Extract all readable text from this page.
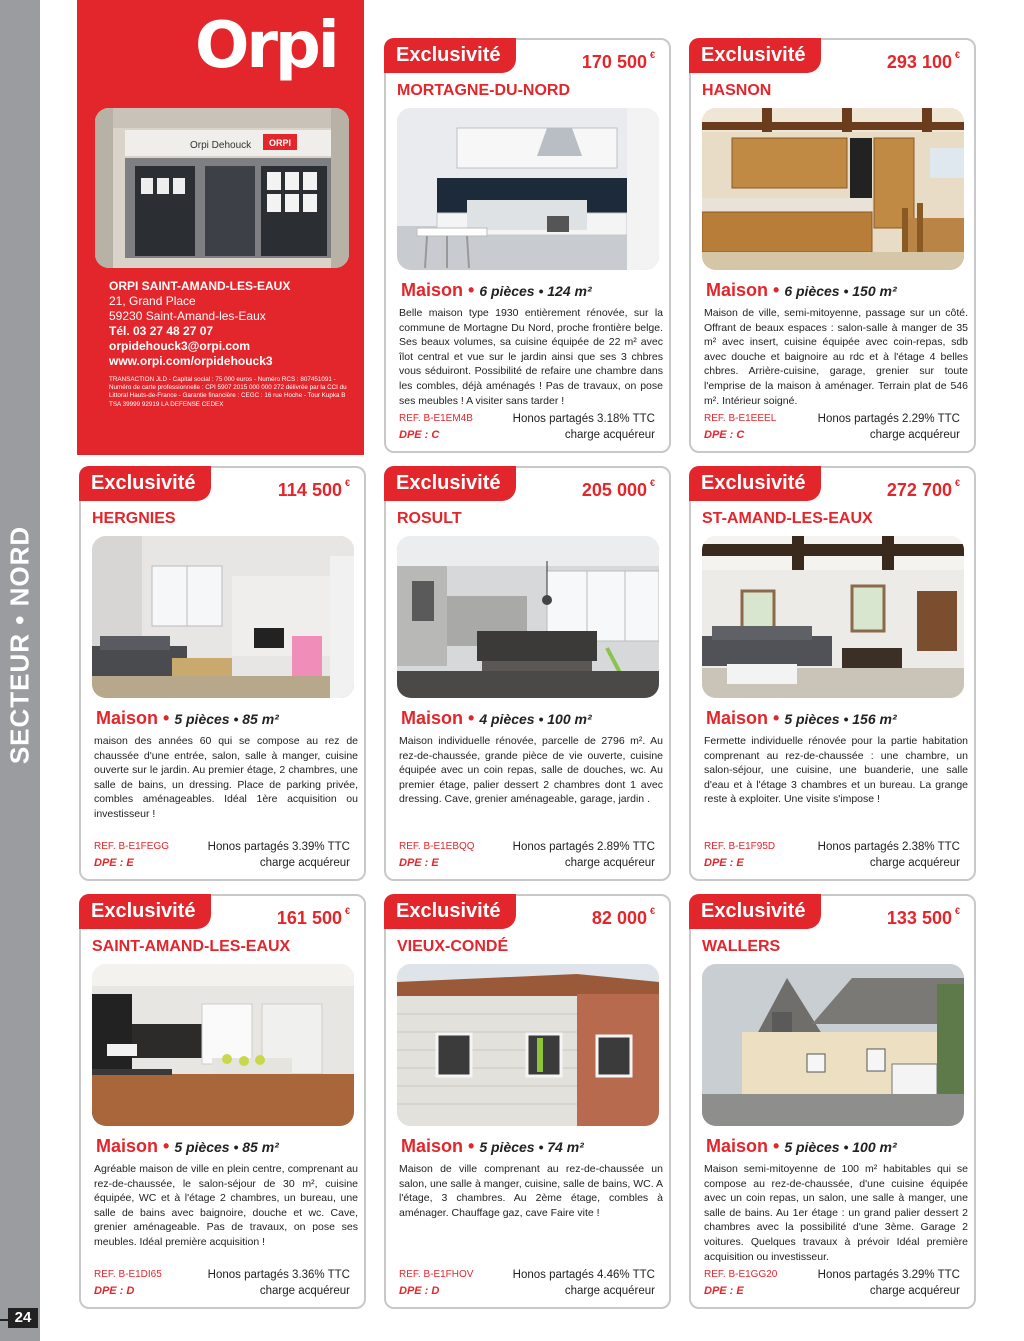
SECTEUR • NORD
24
Orpi
Orpi Dehouck ORPI
ORPI SAINT-AMAND-LES-EAUX
21, Grand Place
59230 Saint-Amand-les-Eaux
Tél. 03 27 48 27 07
orpidehouck3@orpi.com
www.orpi.com/orpidehouck3
TRANSACTION JLD - Capital social : 75 000 euros - Numéro RCS : 807451091 - Numéro de carte professionnelle : CPI 5907 2015 000 000 272 délivrée par la CCI du Littoral Hauts-de-France - Garantie financière : CEGC : 16 rue Hoche - Tour Kupka B TSA 39999 92919 LA DEFENSE CEDEX
Exclusivité	170 500 €
MORTAGNE-DU-NORD
Maison • 6 pièces • 124 m²
Belle maison type 1930 entièrement rénovée, sur la commune de Mortagne Du Nord, proche frontière belge. Ses beaux volumes, sa cuisine équipée de 22 m² avec îlot central et vue sur le jardin ainsi que ses 3 chbres vous séduiront. Possibilité de refaire une chambre dans les combles, déjà aménagés ! Pas de travaux, on pose ses meubles ! A visiter sans tarder !
REF. B-E1EM4B
DPE : C
Honos partagés 3.18% TTC
charge acquéreur
Exclusivité	293 100 €
HASNON
Maison • 6 pièces • 150 m²
Maison de ville, semi-mitoyenne, passage sur un côté. Offrant de beaux espaces : salon-salle à manger de 35 m² avec insert, cuisine équipée avec coin-repas, sdb avec douche et baignoire au rdc et à l'étage 4 belles chbres. Arrière-cuisine, garage, grenier sur toute l'emprise de la maison à aménager. Terrain plat de 546 m². Intérieur soigné.
REF. B-E1EEEL
DPE : C
Honos partagés 2.29% TTC
charge acquéreur
Exclusivité	114 500 €
HERGNIES
Maison • 5 pièces • 85 m²
maison des années 60 qui se compose au rez de chaussée d'une entrée, salon, salle à manger, cuisine ouverte sur le jardin. Au premier étage, 2 chambres, une salle de bains, un dressing. Place de parking privée, combles aménageables. Idéal 1ère acquisition ou investisseur !
REF. B-E1FEGG
DPE : E
Honos partagés 3.39% TTC
charge acquéreur
Exclusivité	205 000 €
ROSULT
Maison • 4 pièces • 100 m²
Maison individuelle rénovée, parcelle de 2796 m². Au rez-de-chaussée, grande pièce de vie ouverte, cuisine équipée avec un coin repas, salle de douches, wc. Au premier étage, palier dessert 2 chambres dont 1 avec dressing. Cave, grenier aménageable, garage, jardin .
REF. B-E1EBQQ
DPE : E
Honos partagés 2.89% TTC
charge acquéreur
Exclusivité	272 700 €
ST-AMAND-LES-EAUX
Maison • 5 pièces • 156 m²
Fermette individuelle rénovée pour la partie habitation comprenant au rez-de-chaussée : une chambre, un salon-séjour, une cuisine, une buanderie, une salle d'eau et à l'étage 3 chambres et un bureau. La grange reste à exploiter. Une visite s'impose !
REF. B-E1F95D
DPE : E
Honos partagés 2.38% TTC
charge acquéreur
Exclusivité	161 500 €
SAINT-AMAND-LES-EAUX
Maison • 5 pièces • 85 m²
Agréable maison de ville en plein centre, comprenant au rez-de-chaussée, le salon-séjour de 30 m², cuisine équipée, WC et à l'étage 2 chambres, un bureau, une salle de bains avec baignoire, douche et wc. Cave, grenier aménageable. Pas de travaux, on pose ses meubles. Idéal première acquisition !
REF. B-E1DI65
DPE : D
Honos partagés 3.36% TTC
charge acquéreur
Exclusivité	82 000 €
VIEUX-CONDÉ
Maison • 5 pièces • 74 m²
Maison de ville comprenant au rez-de-chaussée un salon, une salle à manger, cuisine, salle de bains, WC. A l'étage, 3 chambres. Au 2ème étage, combles à aménager. Chauffage gaz, cave Faire vite !
REF. B-E1FHOV
DPE : D
Honos partagés 4.46% TTC
charge acquéreur
Exclusivité	133 500 €
WALLERS
Maison • 5 pièces • 100 m²
Maison semi-mitoyenne de 100 m² habitables qui se compose au rez-de-chaussée, d'une cuisine équipée avec un coin repas, un salon, une salle à manger, une salle de bains. Au 1er étage : un grand palier dessert 2 chambres avec la possibilité d'une 3ème. Garage 2 voitures. Quelques travaux à prévoir Idéal première acquisition ou investisseur.
REF. B-E1GG20
DPE : E
Honos partagés 3.29% TTC
charge acquéreur
